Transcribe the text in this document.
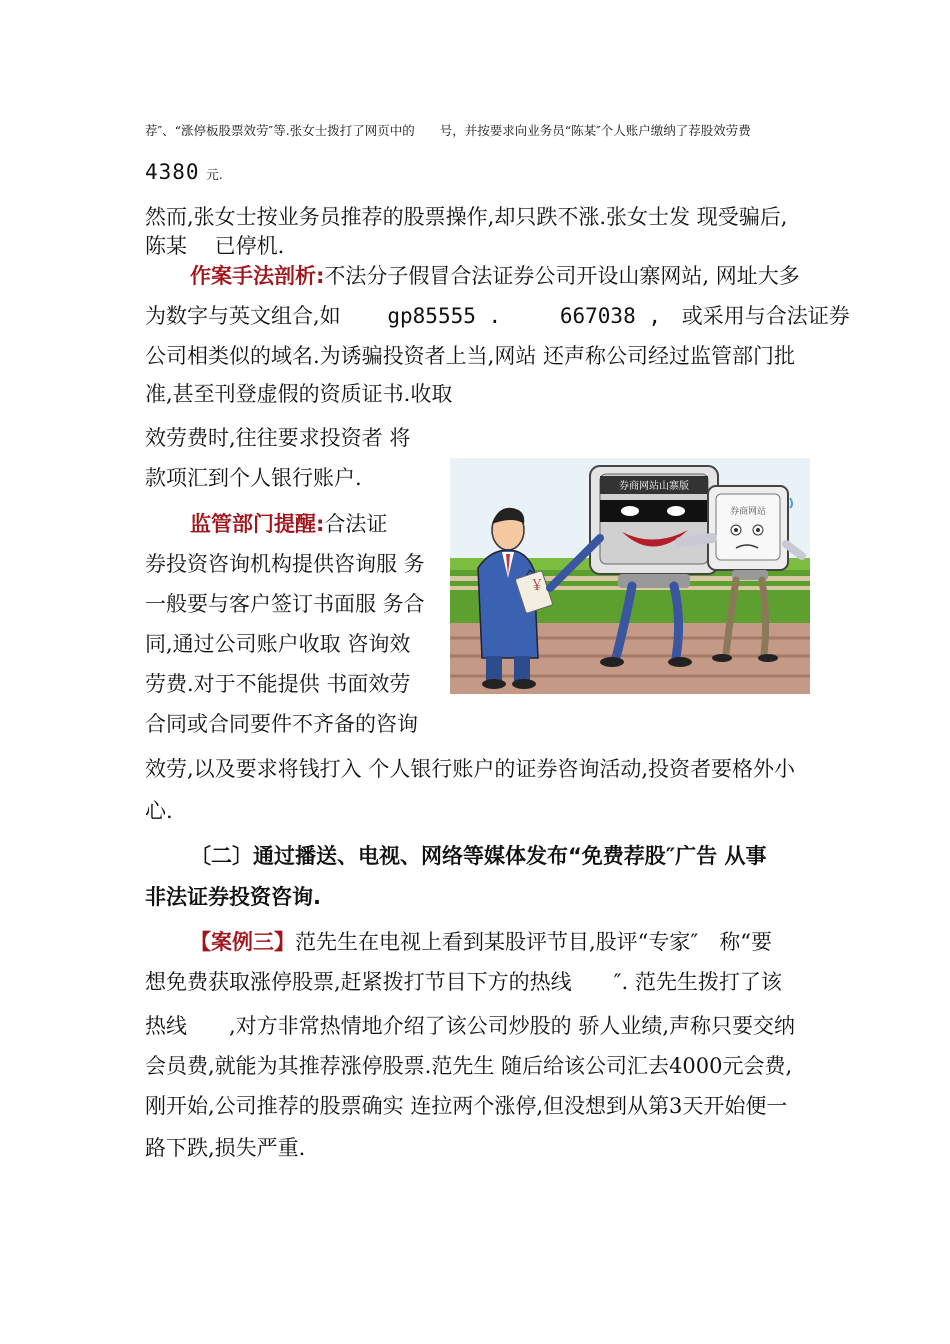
荐″、“涨停板股票效劳″等.张女士拨打了网页中的　　号，并按要求向业务员“陈某″个人账户缴纳了荐股效劳费
4380 元.
然而,张女士按业务员推荐的股票操作,却只跌不涨.张女士发 现受骗后,
陈某　 已停机.
作案手法剖析:不法分子假冒合法证券公司开设山寨网站, 网址大多
为数字与英文组合,如 gp85555 .	667038 , 或采用与合法证券
公司相类似的域名.为诱骗投资者上当,网站 还声称公司经过监管部门批
准,甚至刊登虚假的资质证书.收取
效劳费时,往往要求投资者 将
款项汇到个人银行账户.
监管部门提醒:合法证
券投资咨询机构提供咨询服 务
一般要与客户签订书面服 务合
同,通过公司账户收取 咨询效
劳费.对于不能提供 书面效劳
合同或合同要件不齐备的咨询
效劳,以及要求将钱打入 个人银行账户的证券咨询活动,投资者要格外小
心.
〔二〕通过播送、电视、网络等媒体发布“免费荐股″广告 从事
非法证券投资咨询.
【案例三】范先生在电视上看到某股评节目,股评“专家″　称“要
想免费获取涨停股票,赶紧拨打节目下方的热线　　″. 范先生拨打了该
热线　　,对方非常热情地介绍了该公司炒股的 骄人业绩,声称只要交纳
会员费,就能为其推荐涨停股票.范先生 随后给该公司汇去4000元会费,
刚开始,公司推荐的股票确实 连拉两个涨停,但没想到从第3天开始便一
路下跌,损失严重.
￥
券商网站山寨版
券商网站
